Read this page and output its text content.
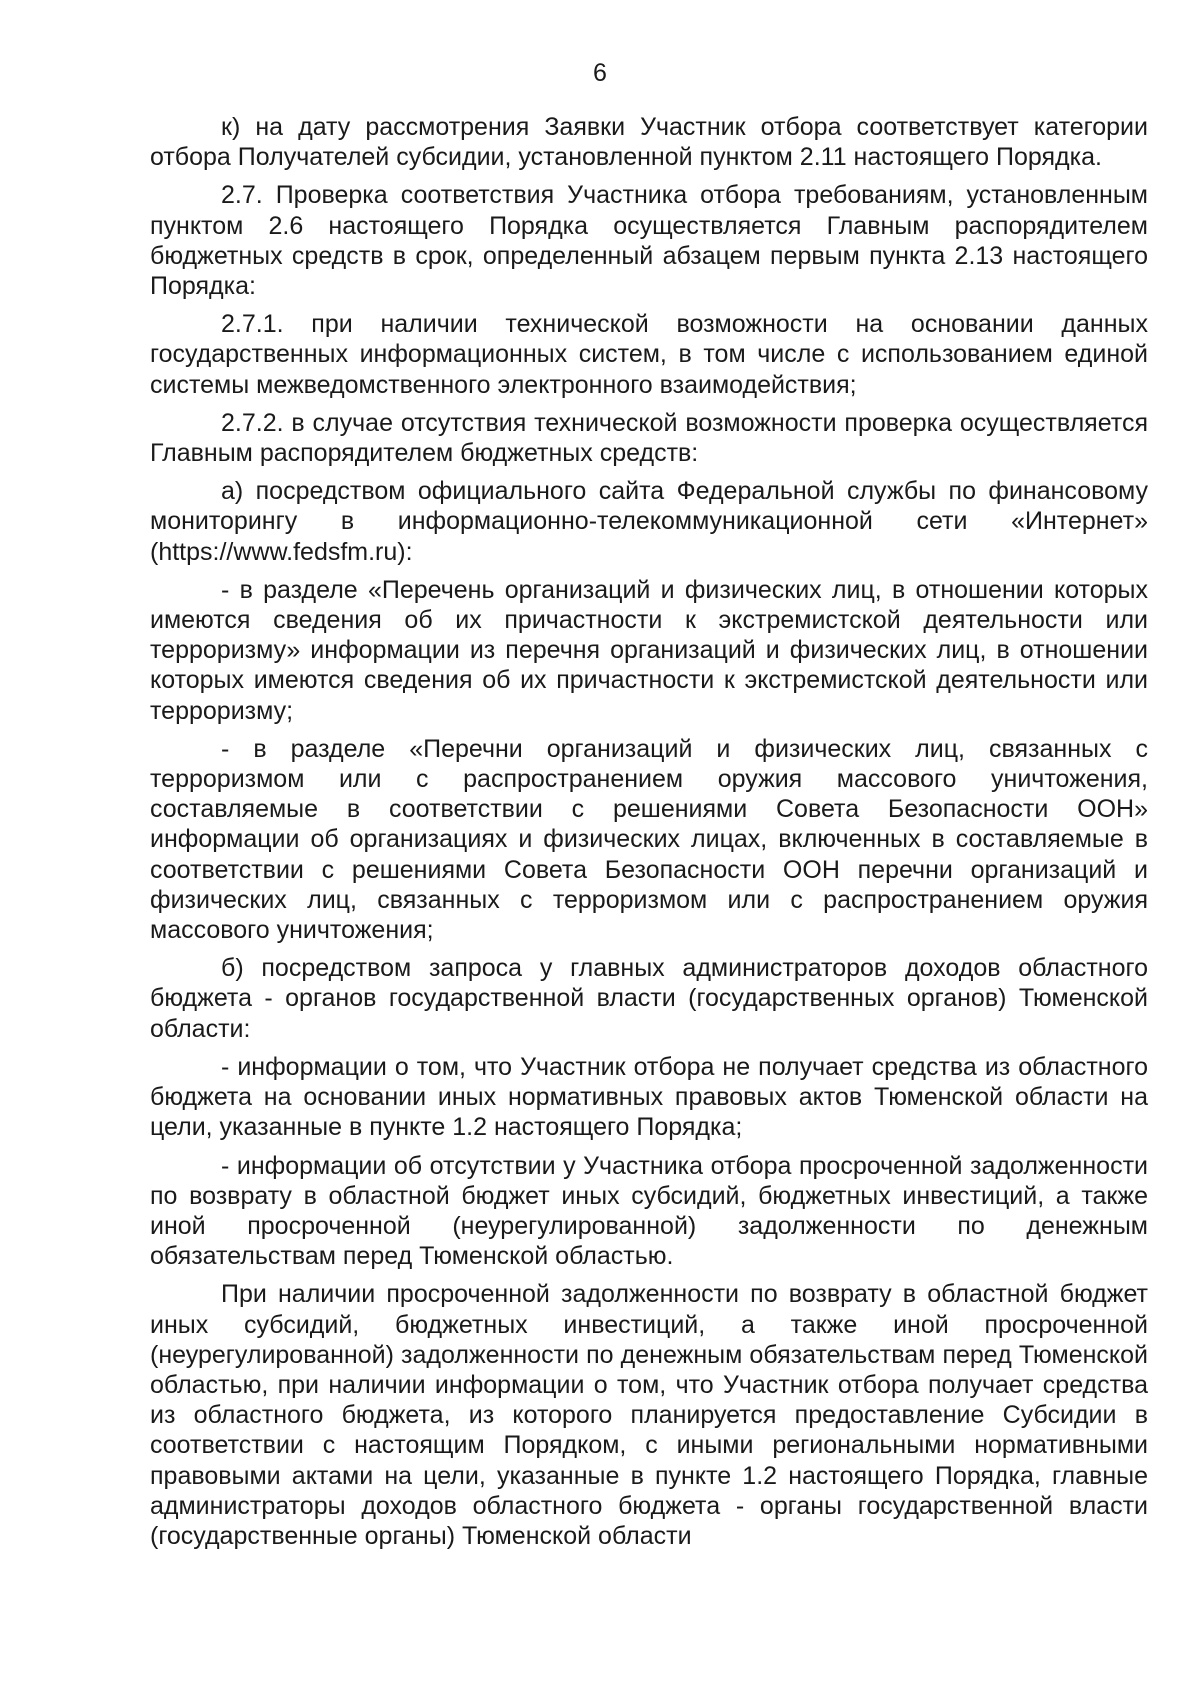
6

к) на дату рассмотрения Заявки Участник отбора соответствует категории отбора Получателей субсидии, установленной пунктом 2.11 настоящего Порядка.

2.7. Проверка соответствия Участника отбора требованиям, установленным пунктом 2.6 настоящего Порядка осуществляется Главным распорядителем бюджетных средств в срок, определенный абзацем первым пункта 2.13 настоящего Порядка:

2.7.1. при наличии технической возможности на основании данных государственных информационных систем, в том числе с использованием единой системы межведомственного электронного взаимодействия;

2.7.2. в случае отсутствия технической возможности проверка осуществляется Главным распорядителем бюджетных средств:

а) посредством официального сайта Федеральной службы по финансовому мониторингу в информационно-телекоммуникационной сети «Интернет» (https://www.fedsfm.ru):

- в разделе «Перечень организаций и физических лиц, в отношении которых имеются сведения об их причастности к экстремистской деятельности или терроризму» информации из перечня организаций и физических лиц, в отношении которых имеются сведения об их причастности к экстремистской деятельности или терроризму;

- в разделе «Перечни организаций и физических лиц, связанных с терроризмом или с распространением оружия массового уничтожения, составляемые в соответствии с решениями Совета Безопасности ООН» информации об организациях и физических лицах, включенных в составляемые в соответствии с решениями Совета Безопасности ООН перечни организаций и физических лиц, связанных с терроризмом или с распространением оружия массового уничтожения;

б) посредством запроса у главных администраторов доходов областного бюджета - органов государственной власти (государственных органов) Тюменской области:

- информации о том, что Участник отбора не получает средства из областного бюджета на основании иных нормативных правовых актов Тюменской области на цели, указанные в пункте 1.2 настоящего Порядка;

- информации об отсутствии у Участника отбора просроченной задолженности по возврату в областной бюджет иных субсидий, бюджетных инвестиций, а также иной просроченной (неурегулированной) задолженности по денежным обязательствам перед Тюменской областью.

При наличии просроченной задолженности по возврату в областной бюджет иных субсидий, бюджетных инвестиций, а также иной просроченной (неурегулированной) задолженности по денежным обязательствам перед Тюменской областью, при наличии информации о том, что Участник отбора получает средства из областного бюджета, из которого планируется предоставление Субсидии в соответствии с настоящим Порядком, с иными региональными нормативными правовыми актами на цели, указанные в пункте 1.2 настоящего Порядка, главные администраторы доходов областного бюджета - органы государственной власти (государственные органы) Тюменской области
